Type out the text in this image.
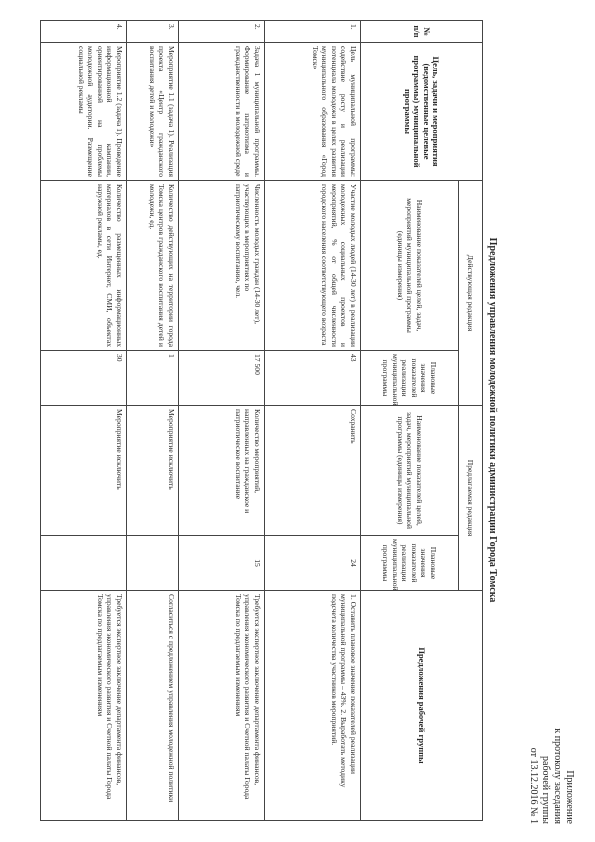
Приложение
к протоколу заседания
рабочей группы
от 13.12.2016 № 1
Предложения управления молодежной политики администрации Города Томска
№ п/п	Цель, задачи и мероприятия (ведомственные целевые программы) муниципальной программы	Действующая редакция		Предлагаемая редакция		Предложения рабочей группы
		Наименование показателей целей, задач, мероприятий муниципальной программы (единицы измерения)	Плановые значения показателей реализации муниципальной программы	Наименование показателей целей, задач, мероприятий муниципальной программы (единицы измерения)	Плановые значения показателей реализации муниципальной программы	
1.	Цель муниципальной программы: содействие росту и реализации потенциала молодежи в целях развития муниципального образования «Город Томск»	Участие молодых людей (14-30 лет) в реализации молодежных социальных проектов и мероприятий, % от общей численности городского населения соответствующего возраста	43	Сохранить	24	1. Оставить плановое значение показателей реализации муниципальной программы – 43%. 2. Выработать методику подсчета количества участников мероприятий.
2.	Задача 1 муниципальной программы. Формирование патриотизма и гражданственности в молодежной среде	Численность молодых граждан (14-30 лет), участвующих в мероприятиях по патриотическому воспитанию, чел.	17 500	Количество мероприятий, направленных на гражданское и патриотическое воспитание	15	Требуется экспертное заключение департамента финансов, управления экономического развития и Счетной палаты Города Томска по предлагаемым изменениям
3.	Мероприятие 1.1 (задача 1). Реализация проекта «Центр гражданского воспитания детей и молодежи»	Количество действующих на территории города Томска центров гражданского воспитания детей и молодежи, ед.	1	Мероприятие исключить		Согласиться с предложением управления молодежной политики
4.	Мероприятие 1.2 (задача 1). Проведение информационной кампании, ориентированной на проблемы молодежной аудитории. Размещение социальной рекламы	Количество размещенных информационных материалов в сети Интернет, СМИ, объектах наружной рекламы, ед.	30	Мероприятие исключить		Требуется экспертное заключение департамента финансов, управления экономического развития и Счетной палаты Города Томска по предлагаемым изменениям
